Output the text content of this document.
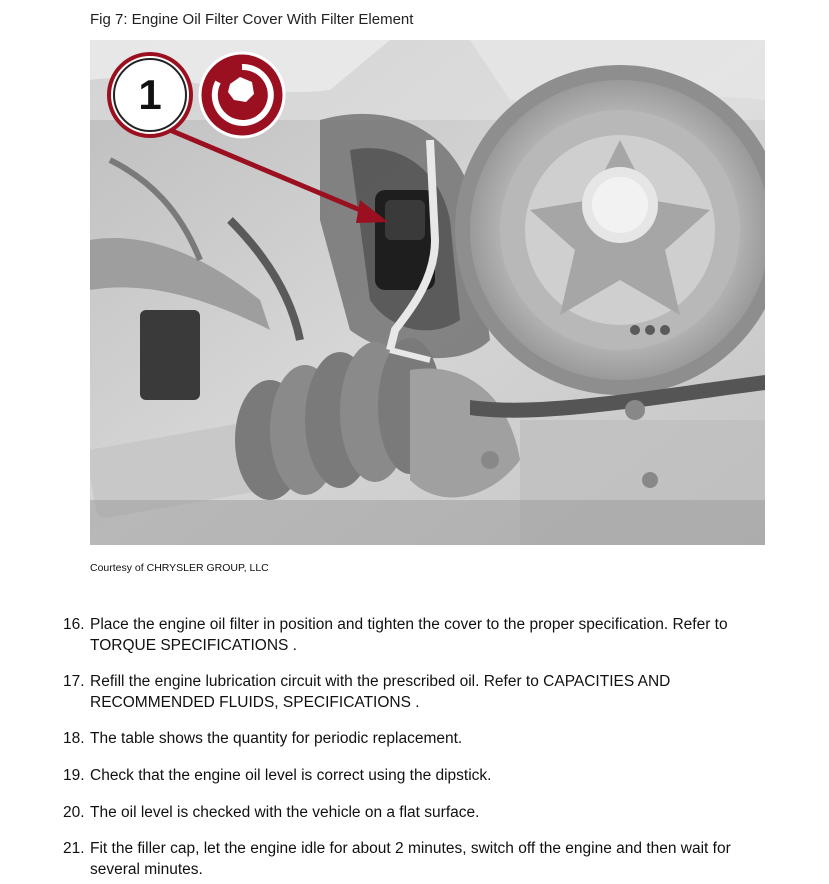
Fig 7: Engine Oil Filter Cover With Filter Element
1
Courtesy of CHRYSLER GROUP, LLC
16. Place the engine oil filter in position and tighten the cover to the proper specification. Refer to TORQUE SPECIFICATIONS .
17. Refill the engine lubrication circuit with the prescribed oil. Refer to CAPACITIES AND RECOMMENDED FLUIDS, SPECIFICATIONS .
18. The table shows the quantity for periodic replacement.
19. Check that the engine oil level is correct using the dipstick.
20. The oil level is checked with the vehicle on a flat surface.
21. Fit the filler cap, let the engine idle for about 2 minutes, switch off the engine and then wait for several minutes.
